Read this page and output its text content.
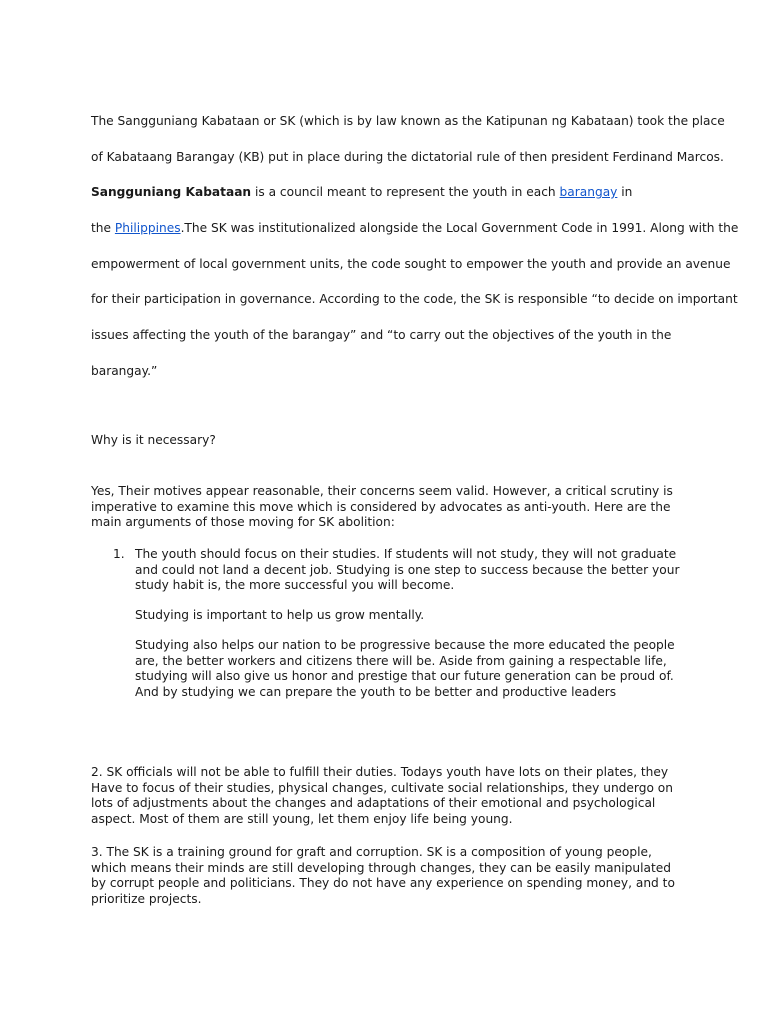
The Sangguniang Kabataan or SK (which is by law known as the Katipunan ng Kabataan) took the place
of Kabataang Barangay (KB) put in place during the dictatorial rule of then president Ferdinand Marcos.
Sangguniang Kabataan is a council meant to represent the youth in each barangay in
the Philippines.The SK was institutionalized alongside the Local Government Code in 1991. Along with the
empowerment of local government units, the code sought to empower the youth and provide an avenue
for their participation in governance. According to the code, the SK is responsible “to decide on important
issues affecting the youth of the barangay” and “to carry out the objectives of the youth in the
barangay.”
Why is it necessary?
Yes, Their motives appear reasonable, their concerns seem valid. However, a critical scrutiny is imperative to examine this move which is considered by advocates as anti-youth. Here are the main arguments of those moving for SK abolition:
1. The youth should focus on their studies. If students will not study, they will not graduate and could not land a decent job. Studying is one step to success because the better your study habit is, the more successful you will become.
Studying is important to help us grow mentally.
Studying also helps our nation to be progressive because the more educated the people are, the better workers and citizens there will be. Aside from gaining a respectable life, studying will also give us honor and prestige that our future generation can be proud of. And by studying we can prepare the youth to be better and productive leaders
2. SK officials will not be able to fulfill their duties. Todays youth have lots on their plates, they Have to focus of their studies, physical changes, cultivate social relationships, they undergo on lots of adjustments about the changes and adaptations of their emotional and psychological aspect. Most of them are still young, let them enjoy life being young.
3. The SK is a training ground for graft and corruption. SK is a composition of young people, which means their minds are still developing through changes, they can be easily manipulated by corrupt people and politicians. They do not have any experience on spending money, and to prioritize projects.
